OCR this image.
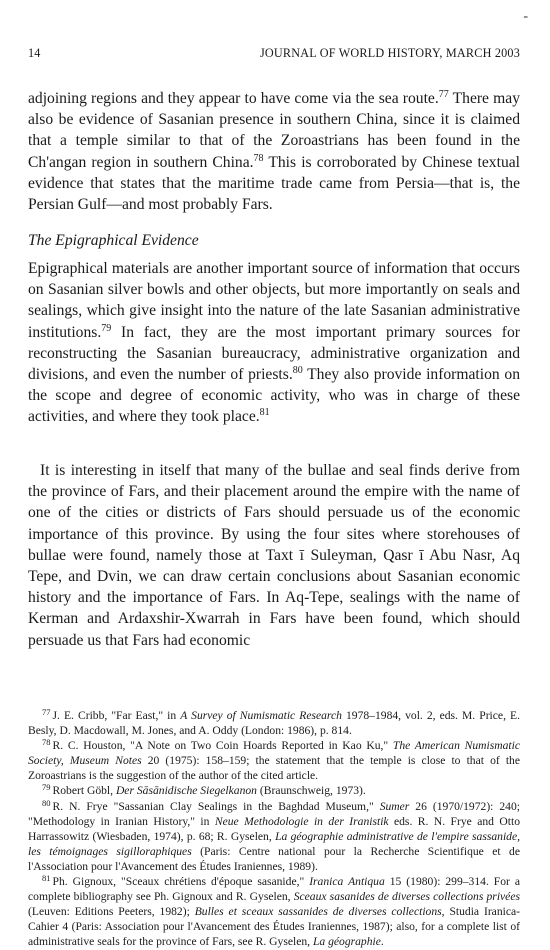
-
14	JOURNAL OF WORLD HISTORY, MARCH 2003

adjoining regions and they appear to have come via the sea route.$^{77}$ There may also be evidence of Sasanian presence in southern China, since it is claimed that a temple similar to that of the Zoroastrians has been found in the Ch'angan region in southern China.$^{78}$ This is corroborated by Chinese textual evidence that states that the maritime trade came from Persia—that is, the Persian Gulf—and most probably Fars.

The Epigraphical Evidence

Epigraphical materials are another important source of information that occurs on Sasanian silver bowls and other objects, but more importantly on seals and sealings, which give insight into the nature of the late Sasanian administrative institutions.$^{79}$ In fact, they are the most important primary sources for reconstructing the Sasanian bureaucracy, administrative organization and divisions, and even the number of priests.$^{80}$ They also provide information on the scope and degree of economic activity, who was in charge of these activities, and where they took place.$^{81}$

It is interesting in itself that many of the bullae and seal finds derive from the province of Fars, and their placement around the empire with the name of one of the cities or districts of Fars should persuade us of the economic importance of this province. By using the four sites where storehouses of bullae were found, namely those at Taxt ī Suleyman, Qasr ī Abu Nasr, Aq Tepe, and Dvin, we can draw certain conclusions about Sasanian economic history and the importance of Fars. In Aq-Tepe, sealings with the name of Kerman and Ardaxshir-Xwarrah in Fars have been found, which should persuade us that Fars had economic

$^{77}$ J. E. Cribb, "Far East," in A Survey of Numismatic Research 1978–1984, vol. 2, eds. M. Price, E. Besly, D. Macdowall, M. Jones, and A. Oddy (London: 1986), p. 814.

$^{78}$ R. C. Houston, "A Note on Two Coin Hoards Reported in Kao Ku," The American Numismatic Society, Museum Notes 20 (1975): 158–159; the statement that the temple is close to that of the Zoroastrians is the suggestion of the author of the cited article.

$^{79}$ Robert Göbl, Der Sāsānidische Siegelkanon (Braunschweig, 1973).

$^{80}$ R. N. Frye "Sassanian Clay Sealings in the Baghdad Museum," Sumer 26 (1970/1972): 240; "Methodology in Iranian History," in Neue Methodologie in der Iranistik eds. R. N. Frye and Otto Harrassowitz (Wiesbaden, 1974), p. 68; R. Gyselen, La géographie administrative de l'empire sassanide, les témoignages sigilloraphiques (Paris: Centre national pour la Recherche Scientifique et de l'Association pour l'Avancement des Études Iraniennes, 1989).

$^{81}$ Ph. Gignoux, "Sceaux chrétiens d'époque sasanide," Iranica Antiqua 15 (1980): 299–314. For a complete bibliography see Ph. Gignoux and R. Gyselen, Sceaux sasanides de diverses collections privées (Leuven: Editions Peeters, 1982); Bulles et sceaux sassanides de diverses collections, Studia Iranica-Cahier 4 (Paris: Association pour l'Avancement des Études Iraniennes, 1987); also, for a complete list of administrative seals for the province of Fars, see R. Gyselen, La géographie.
